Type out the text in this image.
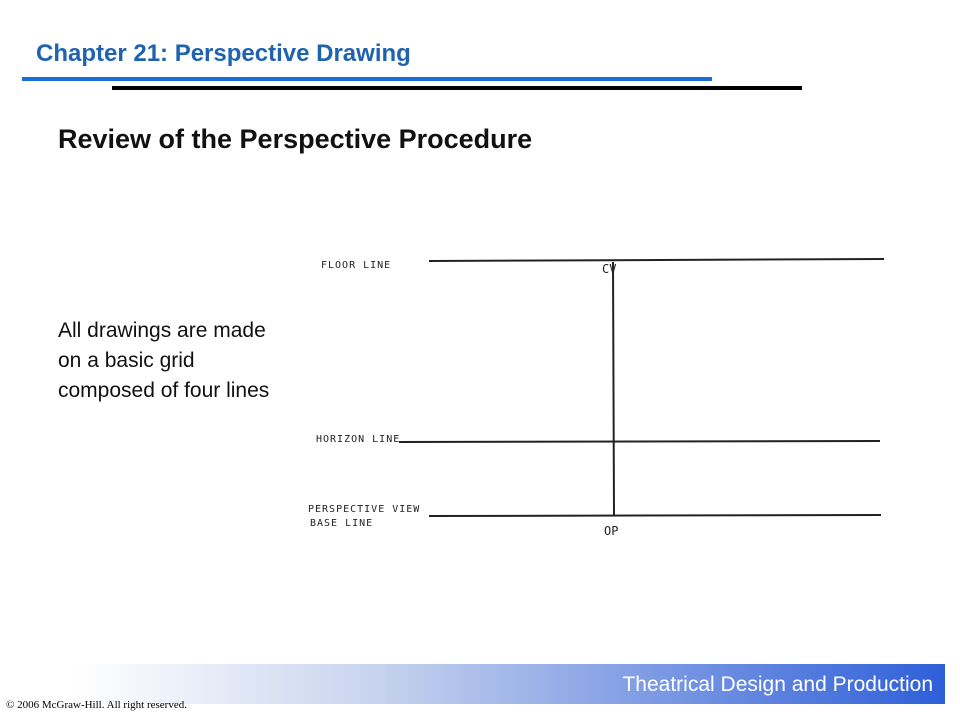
Chapter 21: Perspective Drawing
Review of the Perspective Procedure
All drawings are made on a basic grid composed of four lines
FLOOR LINE	CV
HORIZON LINE
PERSPECTIVE VIEW
BASE LINE
OP
Theatrical Design and Production
© 2006 McGraw-Hill. All right reserved.
